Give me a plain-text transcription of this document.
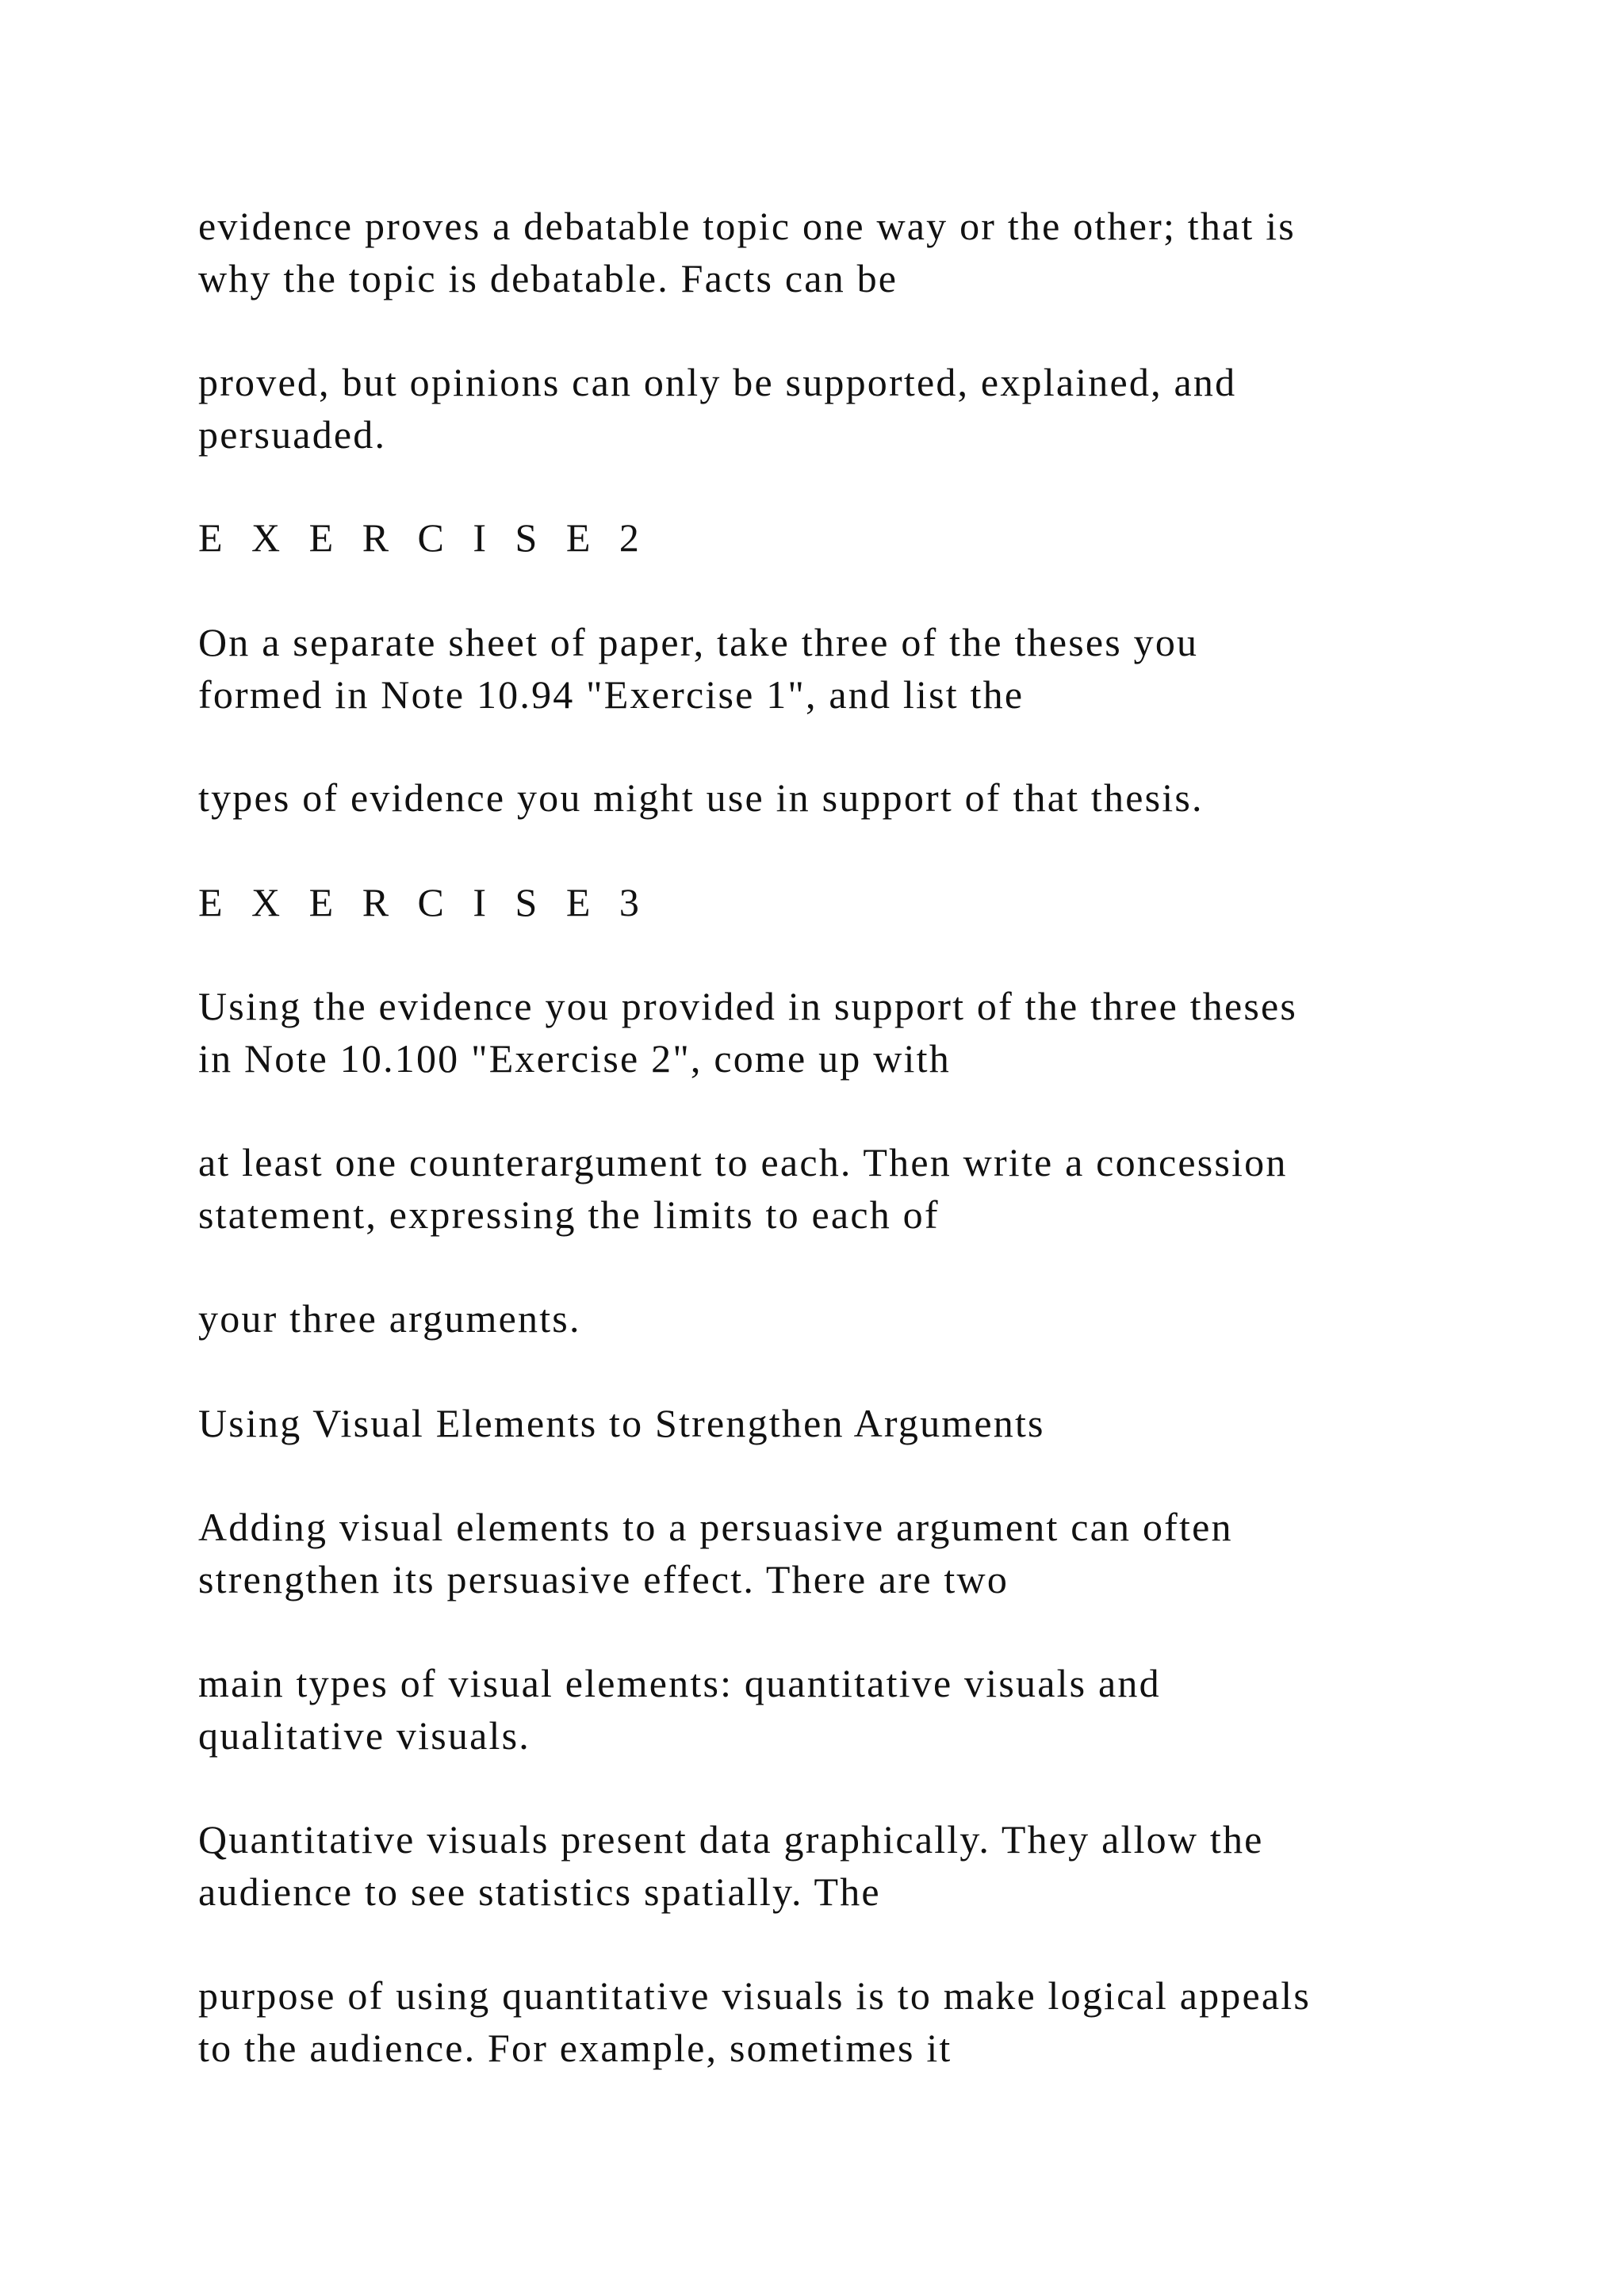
evidence proves a debatable topic one way or the other; that is

why the topic is debatable. Facts can be

proved, but opinions can only be supported, explained, and

persuaded.

E X E R C I S E 2

On a separate sheet of paper, take three of the theses you

formed in Note 10.94 "Exercise 1", and list the

types of evidence you might use in support of that thesis.

E X E R C I S E 3

Using the evidence you provided in support of the three theses

in Note 10.100 "Exercise 2", come up with

at least one counterargument to each. Then write a concession

statement, expressing the limits to each of

your three arguments.

Using Visual Elements to Strengthen Arguments

Adding visual elements to a persuasive argument can often

strengthen its persuasive effect. There are two

main types of visual elements: quantitative visuals and

qualitative visuals.

Quantitative visuals present data graphically. They allow the

audience to see statistics spatially. The

purpose of using quantitative visuals is to make logical appeals

to the audience. For example, sometimes it
